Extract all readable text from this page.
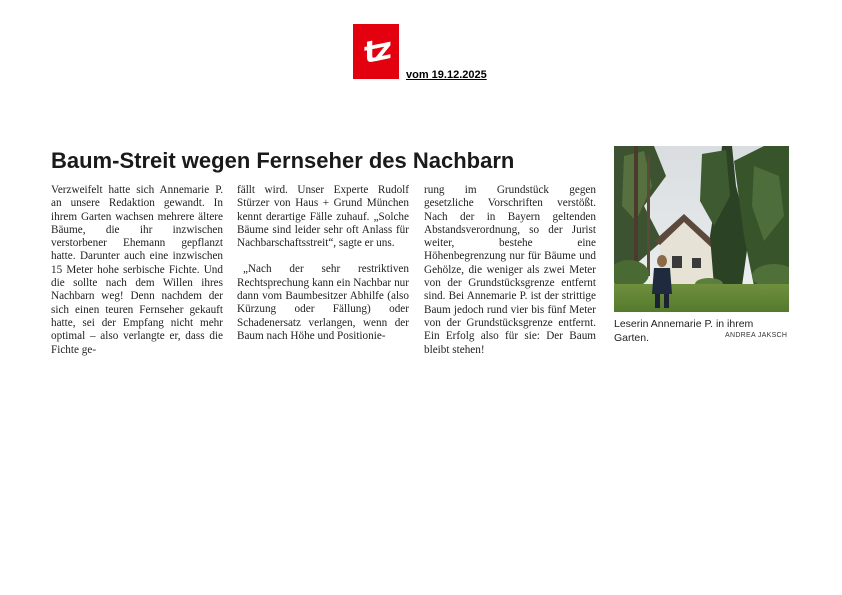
tz
vom 19.12.2025
Baum-Streit wegen Fernseher des Nachbarn

Verzweifelt hatte sich Annemarie P. an unsere Redaktion gewandt. In ihrem Garten wachsen mehrere ältere Bäume, die ihr inzwischen verstorbener Ehemann gepflanzt hatte. Darunter auch eine inzwischen 15 Meter hohe serbische Fichte. Und die sollte nach dem Willen ihres Nachbarn weg! Denn nachdem der sich einen teuren Fernseher gekauft hatte, sei der Empfang nicht mehr optimal – also verlangte er, dass die Fichte ge-

fällt wird. Unser Experte Rudolf Stürzer von Haus + Grund München kennt derartige Fälle zuhauf. „Solche Bäume sind leider sehr oft Anlass für Nachbarschaftsstreit“, sagte er uns.

„Nach der sehr restriktiven Rechtsprechung kann ein Nachbar nur dann vom Baumbesitzer Abhilfe (also Kürzung oder Fällung) oder Schadenersatz verlangen, wenn der Baum nach Höhe und Positionie-

rung im Grundstück gegen gesetzliche Vorschriften verstößt. Nach der in Bayern geltenden Abstandsverordnung, so der Jurist weiter, bestehe eine Höhenbegrenzung nur für Bäume und Gehölze, die weniger als zwei Meter von der Grundstücksgrenze entfernt sind. Bei Annemarie P. ist der strittige Baum jedoch rund vier bis fünf Meter von der Grundstücksgrenze entfernt. Ein Erfolg also für sie: Der Baum bleibt stehen!

Leserin Annemarie P. in ihrem Garten.	ANDREA JAKSCH
